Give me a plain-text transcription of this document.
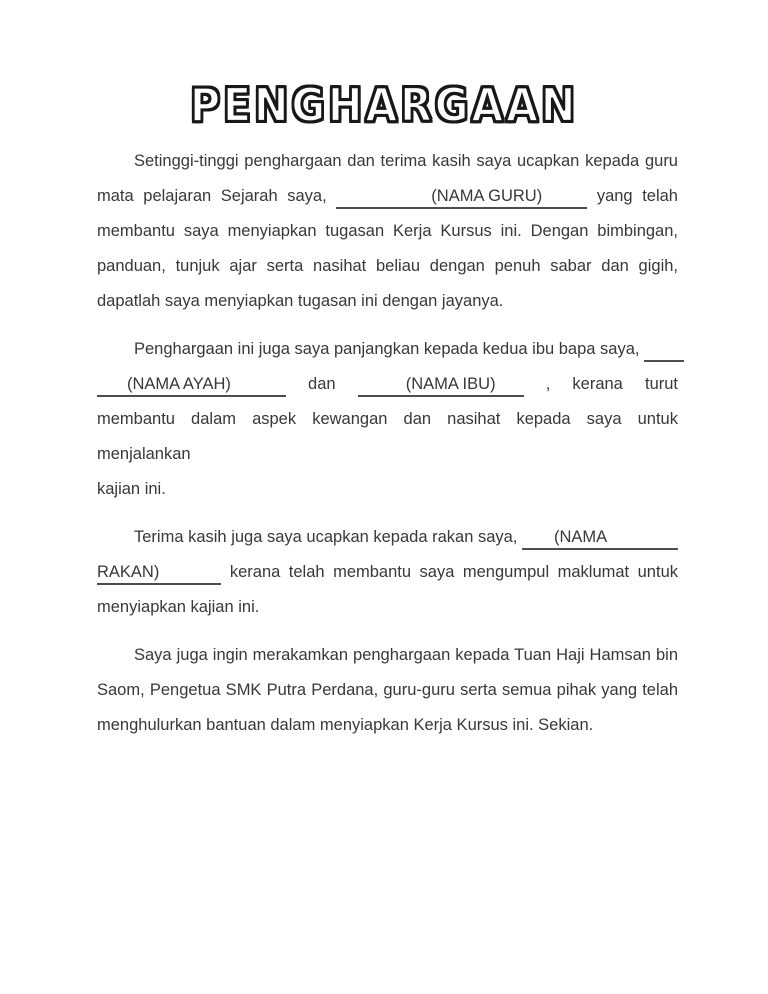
PENGHARGAAN
Setinggi-tinggi penghargaan dan terima kasih saya ucapkan kepada guru
mata pelajaran Sejarah saya,	(NAMA GURU)	yang telah
membantu saya menyiapkan tugasan Kerja Kursus ini. Dengan bimbingan,
panduan, tunjuk ajar serta nasihat beliau dengan penuh sabar dan gigih,
dapatlah saya menyiapkan tugasan ini dengan jayanya.
Penghargaan ini juga saya panjangkan kepada kedua ibu bapa saya,
(NAMA AYAH)	dan	(NAMA IBU) , kerana turut
membantu dalam aspek kewangan dan nasihat kepada saya untuk menjalankan
kajian ini.
Terima kasih juga saya ucapkan kepada rakan saya, (NAMA
RAKAN)	kerana telah membantu saya mengumpul maklumat untuk
menyiapkan kajian ini.
Saya juga ingin merakamkan penghargaan kepada Tuan Haji Hamsan bin
Saom, Pengetua SMK Putra Perdana, guru-guru serta semua pihak yang telah
menghulurkan bantuan dalam menyiapkan Kerja Kursus ini. Sekian.
